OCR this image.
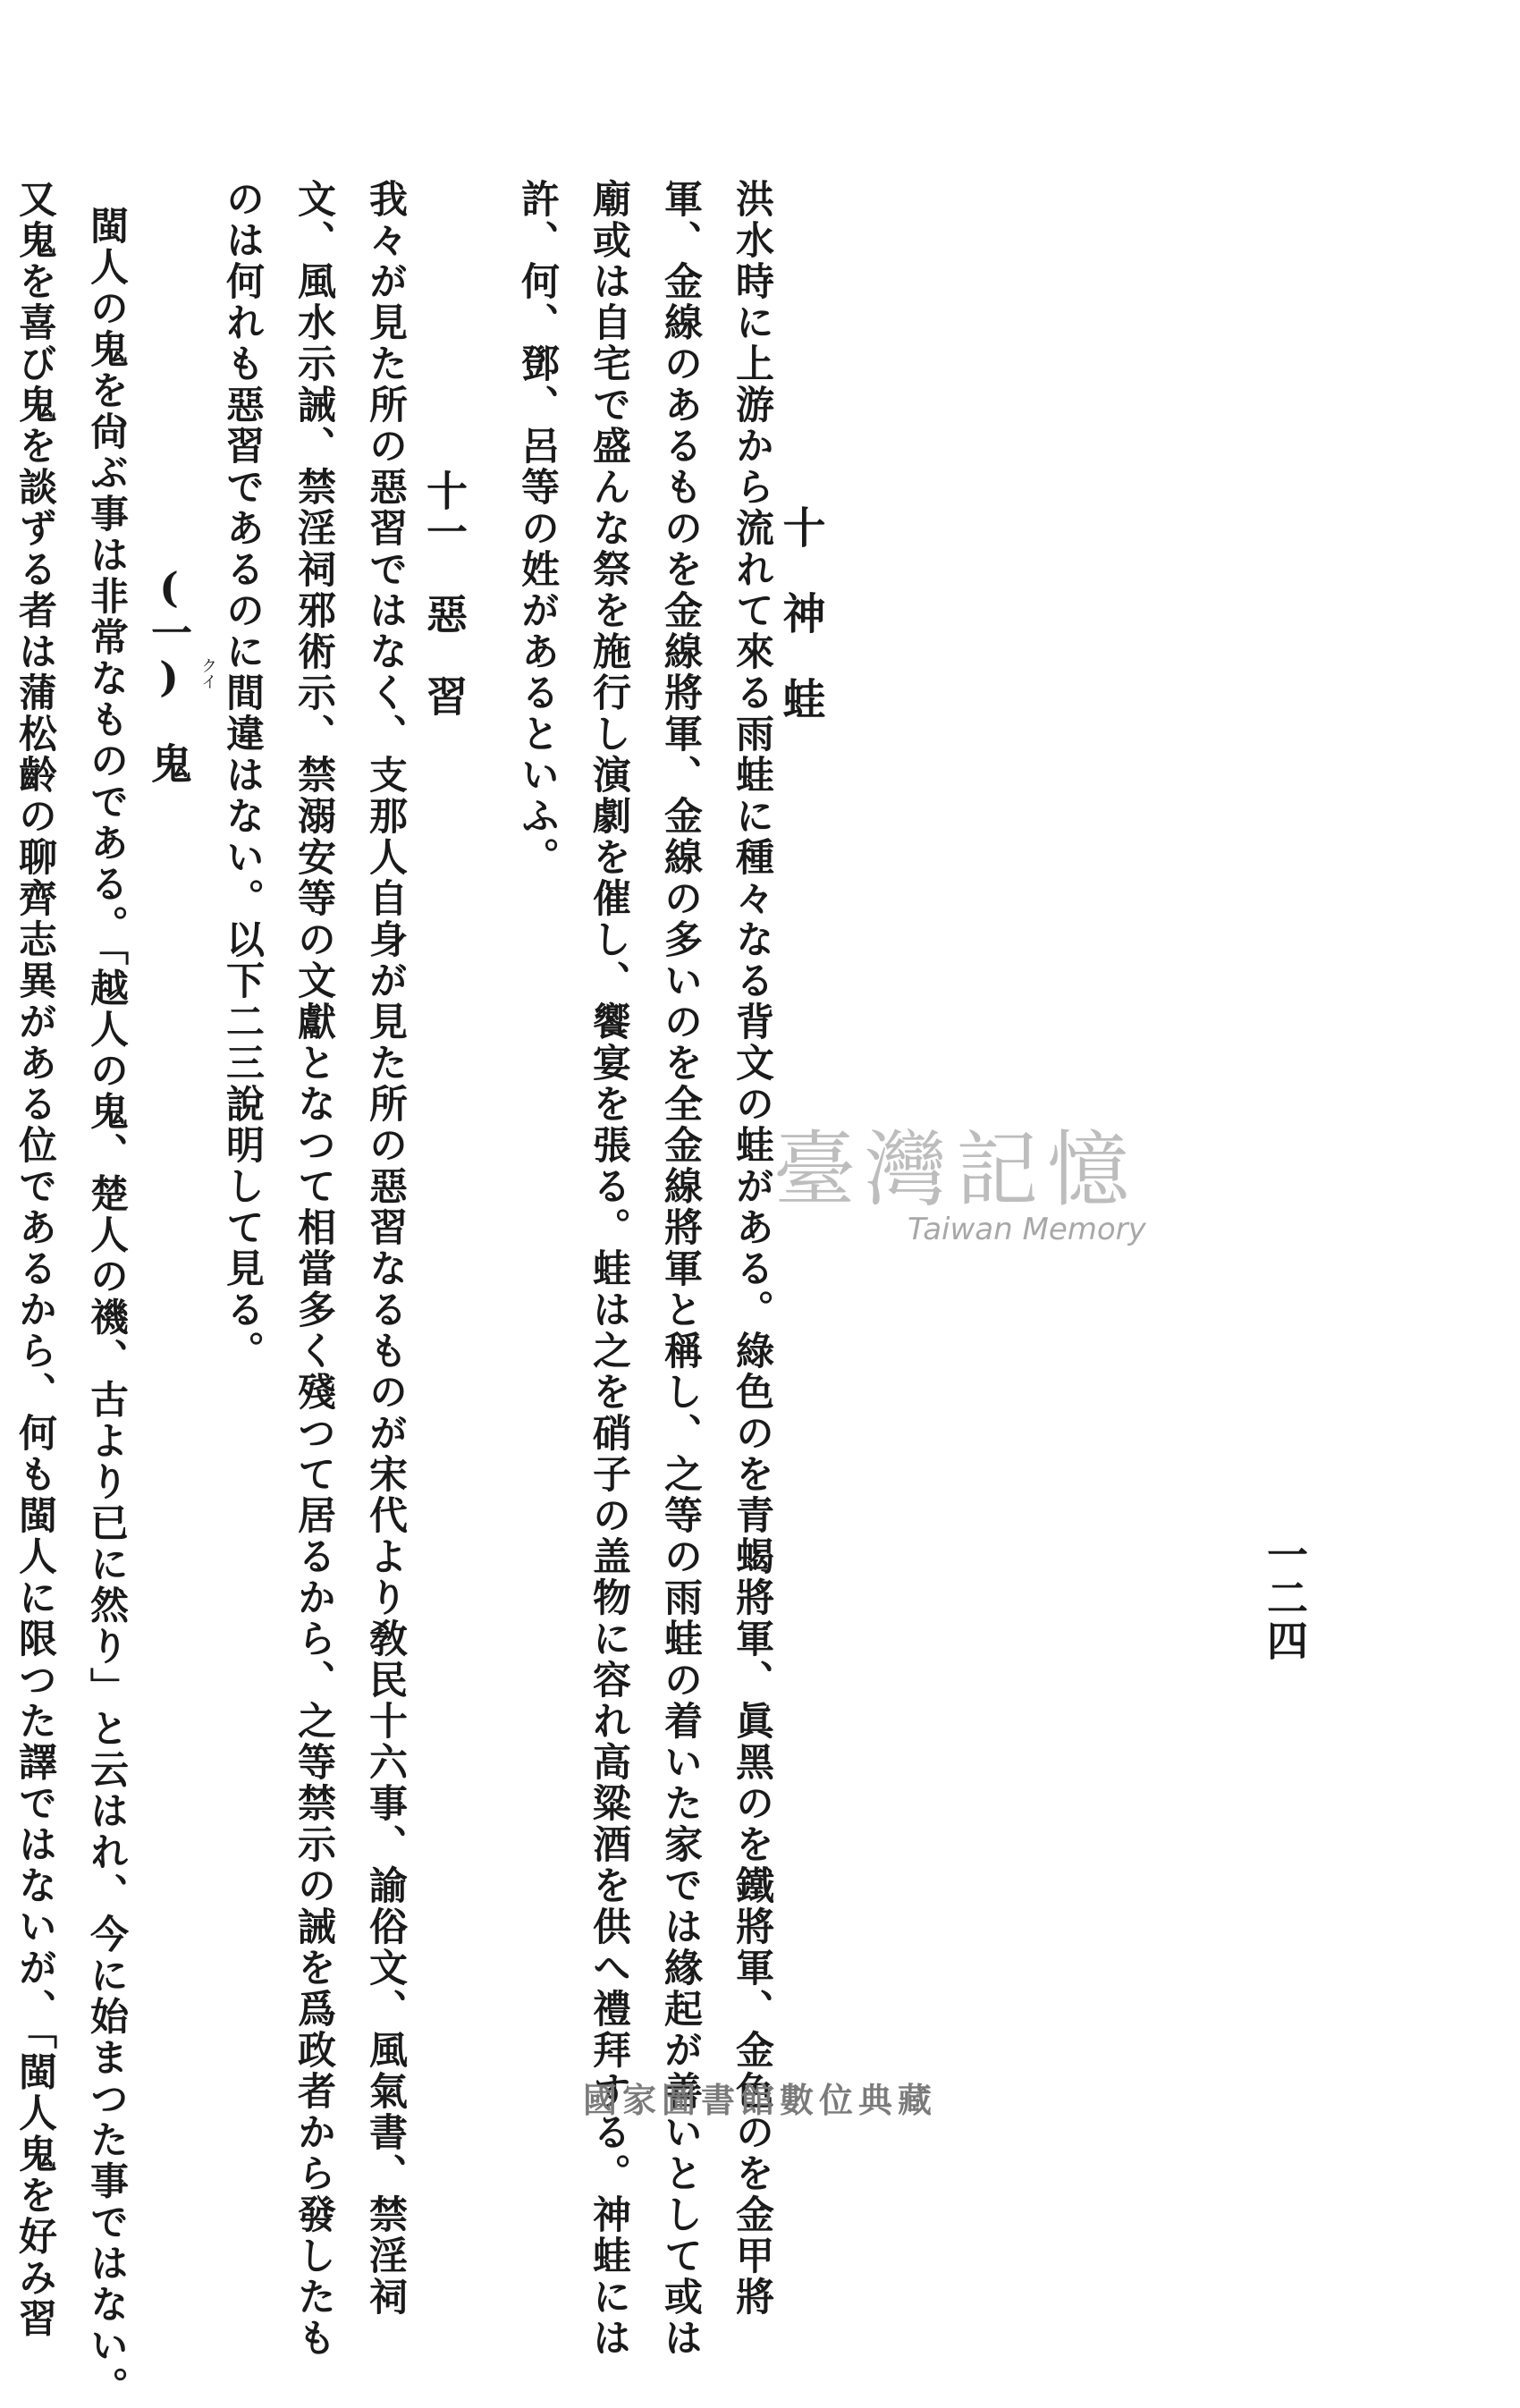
一二四
十　神　蛙
洪水時に上游から流れて來る雨蛙に種々なる背文の蛙がある。綠色のを青蝎將軍、眞黑のを鐵將軍、金色のを金甲將
軍、金線のあるものを金線將軍、金線の多いのを全金線將軍と稱し、之等の雨蛙の着いた家では緣起が善いとして或は
廟或は自宅で盛んな祭を施行し演劇を催し、饗宴を張る。蛙は之を硝子の盖物に容れ高粱酒を供へ禮拜する。神蛙には
許、何、鄧、呂等の姓があるといふ。
十一　惡　習
我々が見た所の惡習ではなく、支那人自身が見た所の惡習なるものが宋代より敎民十六事、諭俗文、風氣書、禁淫祠
文、風水示誡、禁淫祠邪術示、禁溺安等の文獻となつて相當多く殘つて居るから、之等禁示の誡を爲政者から發したも
のは何れも惡習であるのに間違はない。以下二三說明して見る。
(一)　鬼 クイ
閩人の鬼を尙ぶ事は非常なものである。「越人の鬼、楚人の禨、古より已に然り」と云はれ、今に始まつた事ではない。
又鬼を喜び鬼を談ずる者は蒲松齡の聊齊志異がある位であるから、何も閩人に限つた譯ではないが、「閩人鬼を好み習	臺灣記憶
Taiwan Memory
國家圖書館數位典藏
